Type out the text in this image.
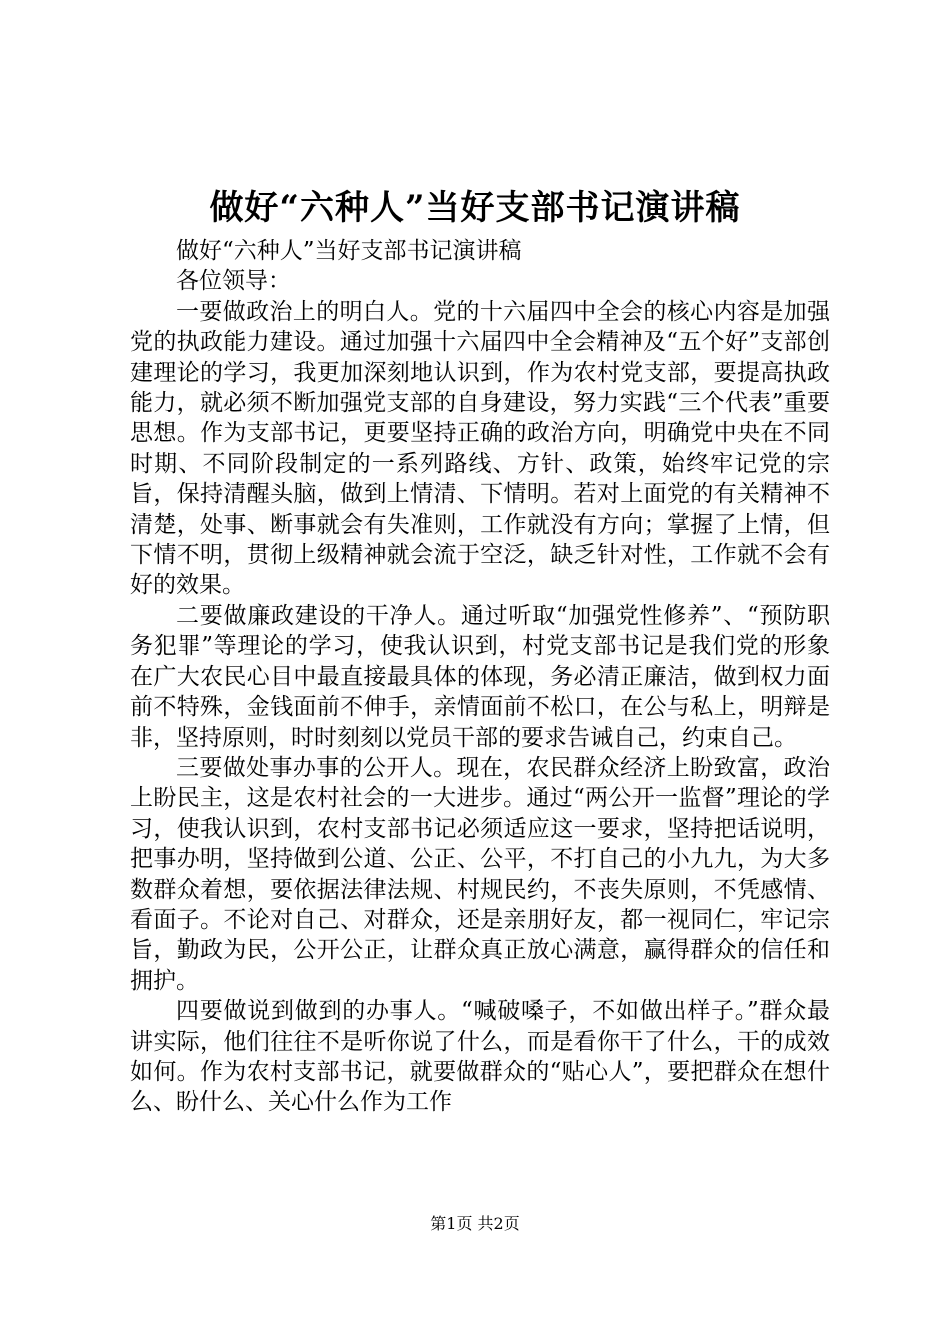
做好“六种人”当好支部书记演讲稿

做好“六种人”当好支部书记演讲稿

各位领导：

一要做政治上的明白人。党的十六届四中全会的核心内容是加强党的执政能力建设。通过加强十六届四中全会精神及“五个好”支部创建理论的学习，我更加深刻地认识到，作为农村党支部，要提高执政能力，就必须不断加强党支部的自身建设，努力实践“三个代表”重要思想。作为支部书记，更要坚持正确的政治方向，明确党中央在不同时期、不同阶段制定的一系列路线、方针、政策，始终牢记党的宗旨，保持清醒头脑，做到上情清、下情明。若对上面党的有关精神不清楚，处事、断事就会有失准则，工作就没有方向；掌握了上情，但下情不明，贯彻上级精神就会流于空泛，缺乏针对性，工作就不会有好的效果。

二要做廉政建设的干净人。通过听取“加强党性修养”、“预防职务犯罪”等理论的学习，使我认识到，村党支部书记是我们党的形象在广大农民心目中最直接最具体的体现，务必清正廉洁，做到权力面前不特殊，金钱面前不伸手，亲情面前不松口，在公与私上，明辩是非，坚持原则，时时刻刻以党员干部的要求告诫自己，约束自己。

三要做处事办事的公开人。现在，农民群众经济上盼致富，政治上盼民主，这是农村社会的一大进步。通过“两公开一监督”理论的学习，使我认识到，农村支部书记必须适应这一要求，坚持把话说明，把事办明，坚持做到公道、公正、公平，不打自己的小九九，为大多数群众着想，要依据法律法规、村规民约，不丧失原则，不凭感情、看面子。不论对自己、对群众，还是亲朋好友，都一视同仁，牢记宗旨，勤政为民，公开公正，让群众真正放心满意，赢得群众的信任和拥护。

四要做说到做到的办事人。“喊破嗓子，不如做出样子。”群众最讲实际，他们往往不是听你说了什么，而是看你干了什么，干的成效如何。作为农村支部书记，就要做群众的“贴心人”，要把群众在想什么、盼什么、关心什么作为工作

第1页 共2页
